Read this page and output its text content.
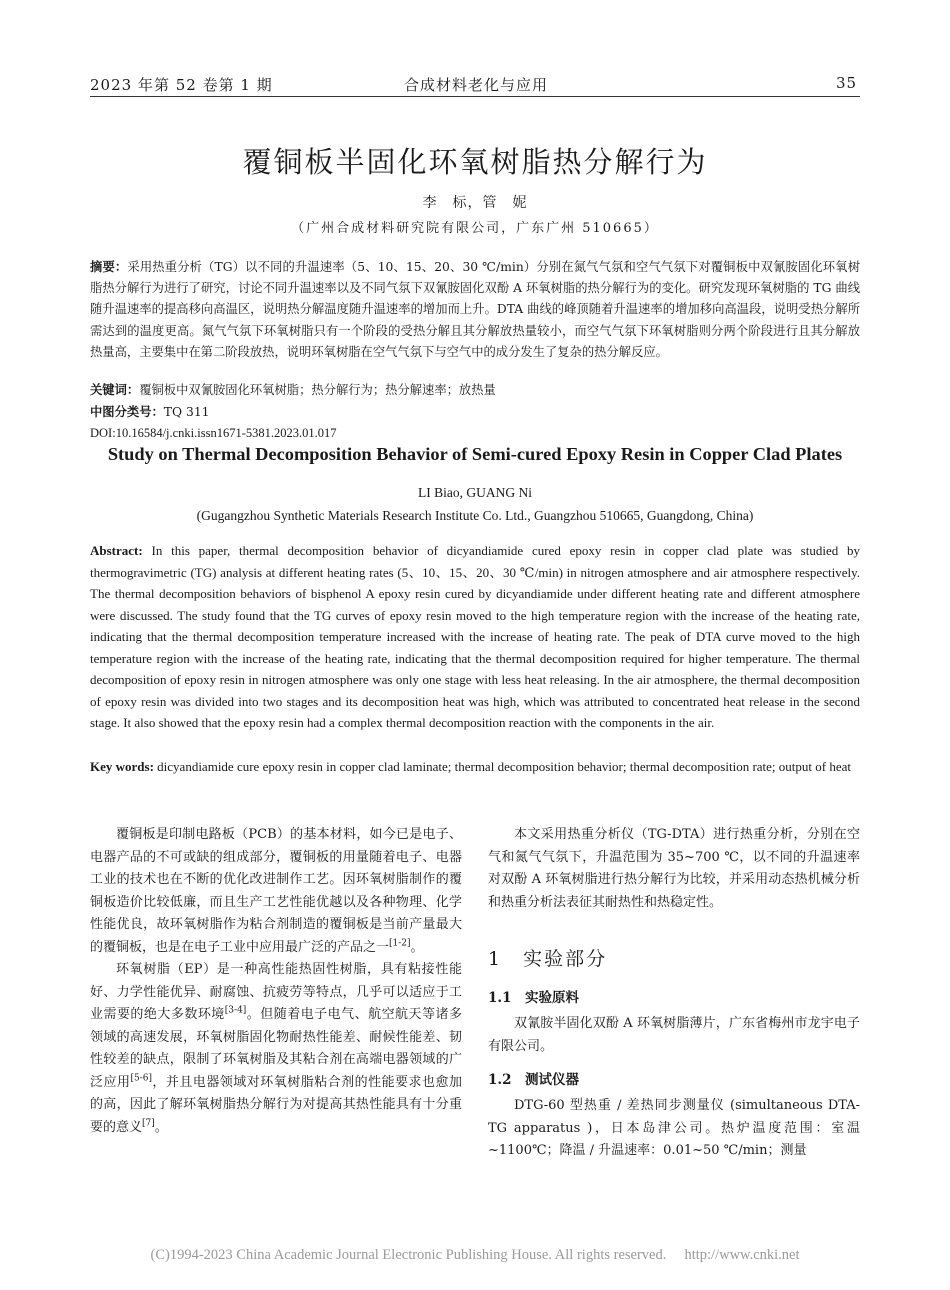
2023 年第 52 卷第 1 期	合成材料老化与应用	35
覆铜板半固化环氧树脂热分解行为
李　标，管　妮
（广州合成材料研究院有限公司，广东广州 510665）
摘要：采用热重分析（TG）以不同的升温速率（5、10、15、20、30 ℃/min）分别在氮气气氛和空气气氛下对覆铜板中双氰胺固化环氧树脂热分解行为进行了研究，讨论不同升温速率以及不同气氛下双氰胺固化双酚 A 环氧树脂的热分解行为的变化。研究发现环氧树脂的 TG 曲线随升温速率的提高移向高温区，说明热分解温度随升温速率的增加而上升。DTA 曲线的峰顶随着升温速率的增加移向高温段，说明受热分解所需达到的温度更高。氮气气氛下环氧树脂只有一个阶段的受热分解且其分解放热量较小，而空气气氛下环氧树脂则分两个阶段进行且其分解放热量高，主要集中在第二阶段放热，说明环氧树脂在空气气氛下与空气中的成分发生了复杂的热分解反应。
关键词：覆铜板中双氰胺固化环氧树脂；热分解行为；热分解速率；放热量
中图分类号：TQ 311
DOI:10.16584/j.cnki.issn1671-5381.2023.01.017
Study on Thermal Decomposition Behavior of Semi-cured Epoxy Resin in Copper Clad Plates
LI Biao, GUANG Ni
(Gugangzhou Synthetic Materials Research Institute Co. Ltd., Guangzhou 510665, Guangdong, China)
Abstract: In this paper, thermal decomposition behavior of dicyandiamide cured epoxy resin in copper clad plate was studied by thermogravimetric (TG) analysis at different heating rates (5、10、15、20、30 ℃/min) in nitrogen atmosphere and air atmosphere respectively. The thermal decomposition behaviors of bisphenol A epoxy resin cured by dicyandiamide under different heating rate and different atmosphere were discussed. The study found that the TG curves of epoxy resin moved to the high temperature region with the increase of the heating rate, indicating that the thermal decomposition temperature increased with the increase of heating rate. The peak of DTA curve moved to the high temperature region with the increase of the heating rate, indicating that the thermal decomposition required for higher temperature. The thermal decomposition of epoxy resin in nitrogen atmosphere was only one stage with less heat releasing. In the air atmosphere, the thermal decomposition of epoxy resin was divided into two stages and its decomposition heat was high, which was attributed to concentrated heat release in the second stage. It also showed that the epoxy resin had a complex thermal decomposition reaction with the components in the air.
Key words: dicyandiamide cure epoxy resin in copper clad laminate; thermal decomposition behavior; thermal decomposition rate; output of heat

覆铜板是印制电路板（PCB）的基本材料，如今已是电子、电器产品的不可或缺的组成部分，覆铜板的用量随着电子、电器工业的技术也在不断的优化改进制作工艺。因环氧树脂制作的覆铜板造价比较低廉，而且生产工艺性能优越以及各种物理、化学性能优良，故环氧树脂作为粘合剂制造的覆铜板是当前产量最大的覆铜板，也是在电子工业中应用最广泛的产品之一[1-2]。

环氧树脂（EP）是一种高性能热固性树脂，具有粘接性能好、力学性能优异、耐腐蚀、抗疲劳等特点，几乎可以适应于工业需要的绝大多数环境[3-4]。但随着电子电气、航空航天等诸多领域的高速发展，环氧树脂固化物耐热性能差、耐候性能差、韧性较差的缺点，限制了环氧树脂及其粘合剂在高端电器领域的广泛应用[5-6]，并且电器领域对环氧树脂粘合剂的性能要求也愈加的高，因此了解环氧树脂热分解行为对提高其热性能具有十分重要的意义[7]。

本文采用热重分析仪（TG-DTA）进行热重分析，分别在空气和氮气气氛下，升温范围为 35~700 ℃，以不同的升温速率对双酚 A 环氧树脂进行热分解行为比较，并采用动态热机械分析和热重分析法表征其耐热性和热稳定性。

1　实验部分
1.1　实验原料

双氰胺半固化双酚 A 环氧树脂薄片，广东省梅州市龙宇电子有限公司。

1.2　测试仪器

DTG-60 型热重 / 差热同步测量仪 (simultaneous DTA-TG apparatus )，日本岛津公司。热炉温度范围：室温 ~1100℃；降温 / 升温速率：0.01~50 ℃/min；测量

(C)1994-2023 China Academic Journal Electronic Publishing House. All rights reserved.　 http://www.cnki.net
